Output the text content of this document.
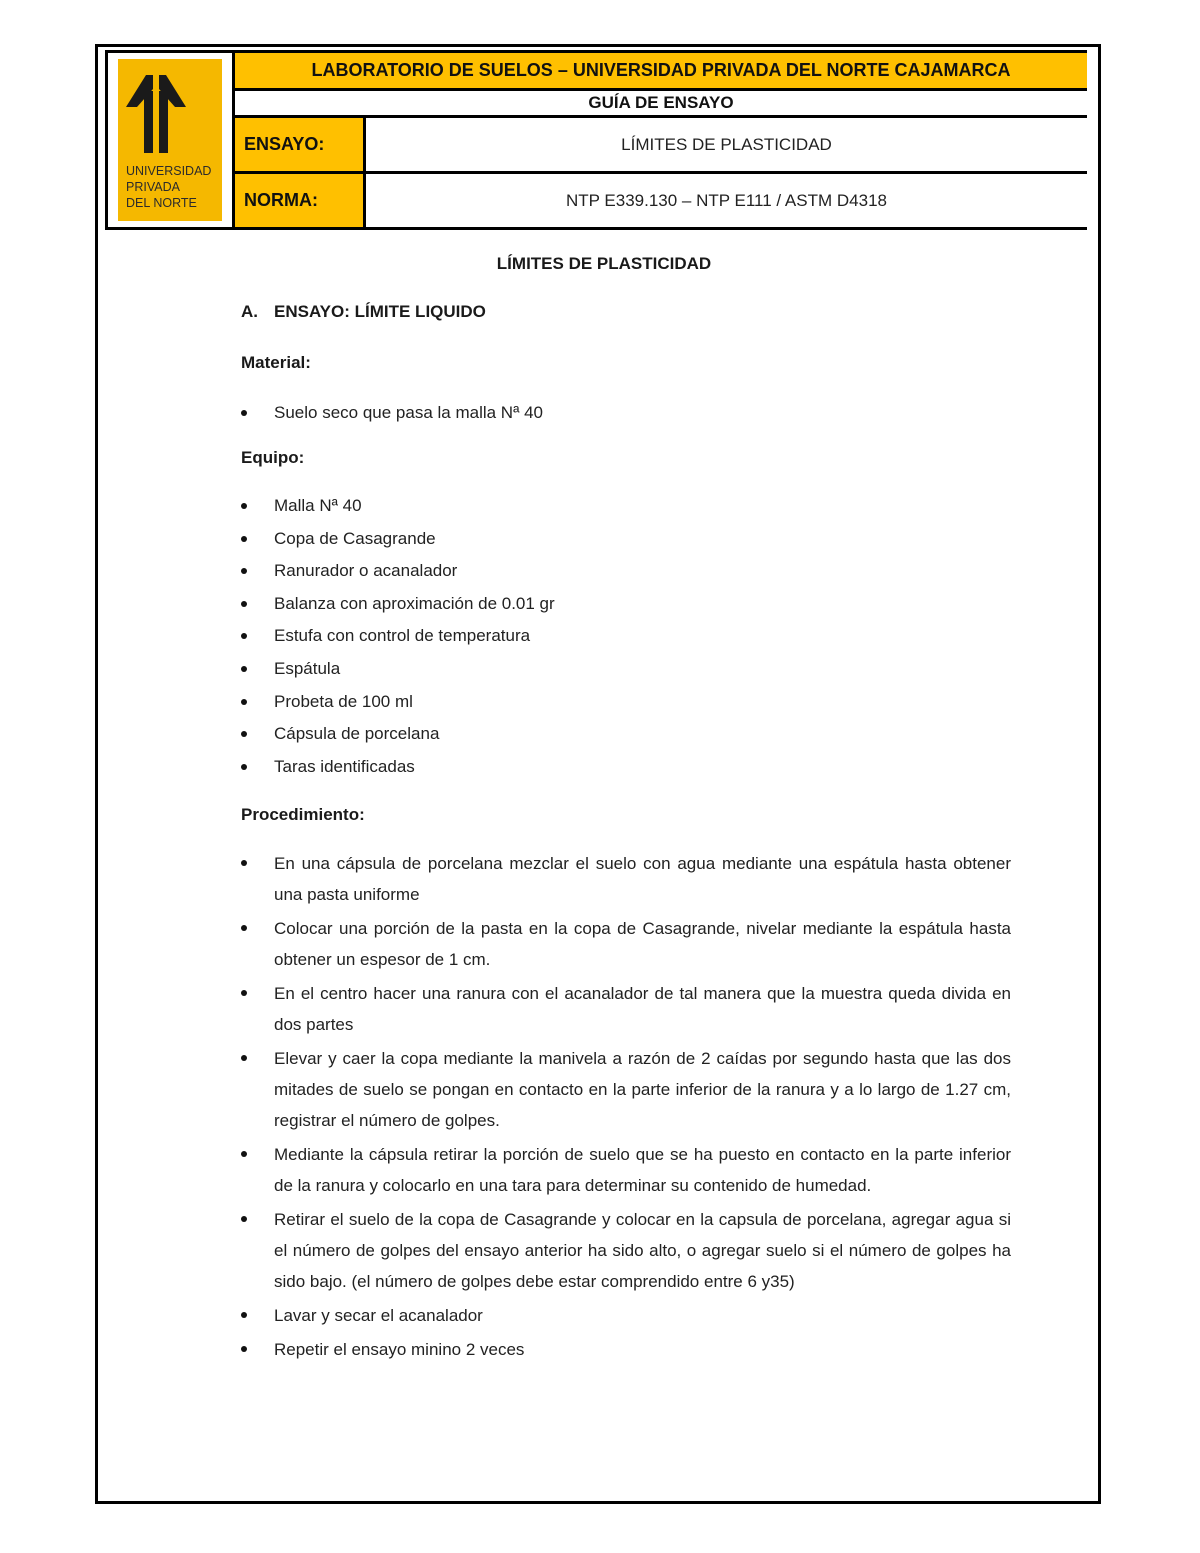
UNIVERSIDAD
PRIVADA
DEL NORTE
LABORATORIO DE SUELOS – UNIVERSIDAD PRIVADA DEL NORTE CAJAMARCA
GUÍA DE ENSAYO
ENSAYO:	LÍMITES DE PLASTICIDAD
NORMA:	NTP E339.130 – NTP E111 / ASTM D4318
LÍMITES DE PLASTICIDAD
A. ENSAYO: LÍMITE LIQUIDO
Material:
Suelo seco que pasa la malla Nª 40
Equipo:
Malla Nª 40
Copa de Casagrande
Ranurador o acanalador
Balanza con aproximación de 0.01 gr
Estufa con control de temperatura
Espátula
Probeta de 100 ml
Cápsula de porcelana
Taras identificadas
Procedimiento:
En una cápsula de porcelana mezclar el suelo con agua mediante una espátula hasta obtener una pasta uniforme
Colocar una porción de la pasta en la copa de Casagrande, nivelar mediante la espátula hasta obtener un espesor de 1 cm.
En el centro hacer una ranura con el acanalador de tal manera que la muestra queda divida en dos partes
Elevar y caer la copa mediante la manivela a razón de 2 caídas por segundo hasta que las dos mitades de suelo se pongan en contacto en la parte inferior de la ranura y a lo largo de 1.27 cm, registrar el número de golpes.
Mediante la cápsula retirar la porción de suelo que se ha puesto en contacto en la parte inferior de la ranura y colocarlo en una tara para determinar su contenido de humedad.
Retirar el suelo de la copa de Casagrande y colocar en la capsula de porcelana, agregar agua si el número de golpes del ensayo anterior ha sido alto, o agregar suelo si el número de golpes ha sido bajo. (el número de golpes debe estar comprendido entre 6 y35)
Lavar y secar el acanalador
Repetir el ensayo minino 2 veces
